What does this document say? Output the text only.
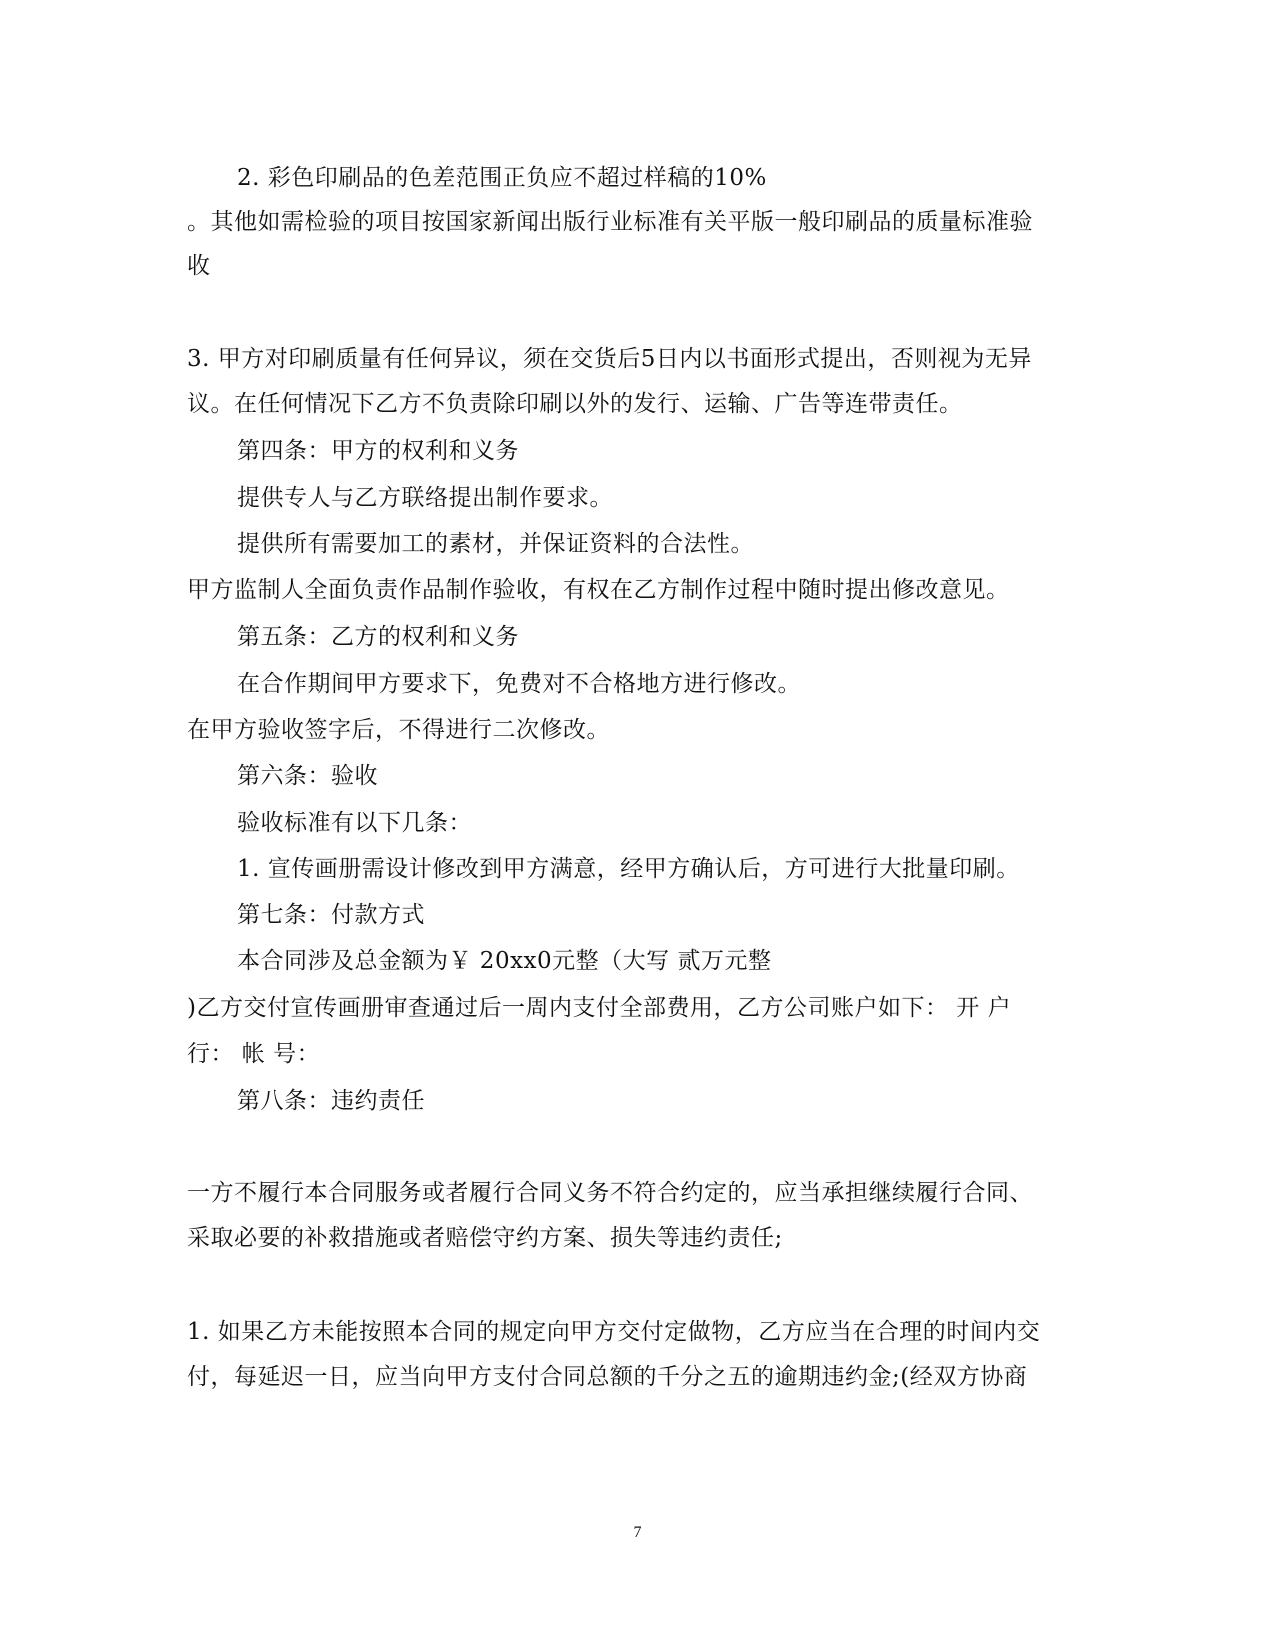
2. 彩色印刷品的色差范围正负应不超过样稿的10%
。其他如需检验的项目按国家新闻出版行业标准有关平版一般印刷品的质量标准验
收
3. 甲方对印刷质量有任何异议，须在交货后5日内以书面形式提出，否则视为无异
议。在任何情况下乙方不负责除印刷以外的发行、运输、广告等连带责任。
第四条：甲方的权利和义务
提供专人与乙方联络提出制作要求。
提供所有需要加工的素材，并保证资料的合法性。
甲方监制人全面负责作品制作验收，有权在乙方制作过程中随时提出修改意见。
第五条：乙方的权利和义务
在合作期间甲方要求下，免费对不合格地方进行修改。
在甲方验收签字后，不得进行二次修改。
第六条：验收
验收标准有以下几条：
1. 宣传画册需设计修改到甲方满意，经甲方确认后，方可进行大批量印刷。
第七条：付款方式
本合同涉及总金额为￥ 20xx0元整（大写 贰万元整
)乙方交付宣传画册审查通过后一周内支付全部费用，乙方公司账户如下： 开 户
行： 帐 号：
第八条：违约责任
一方不履行本合同服务或者履行合同义务不符合约定的，应当承担继续履行合同、
采取必要的补救措施或者赔偿守约方案、损失等违约责任;
1. 如果乙方未能按照本合同的规定向甲方交付定做物，乙方应当在合理的时间内交
付，每延迟一日，应当向甲方支付合同总额的千分之五的逾期违约金;(经双方协商
7
